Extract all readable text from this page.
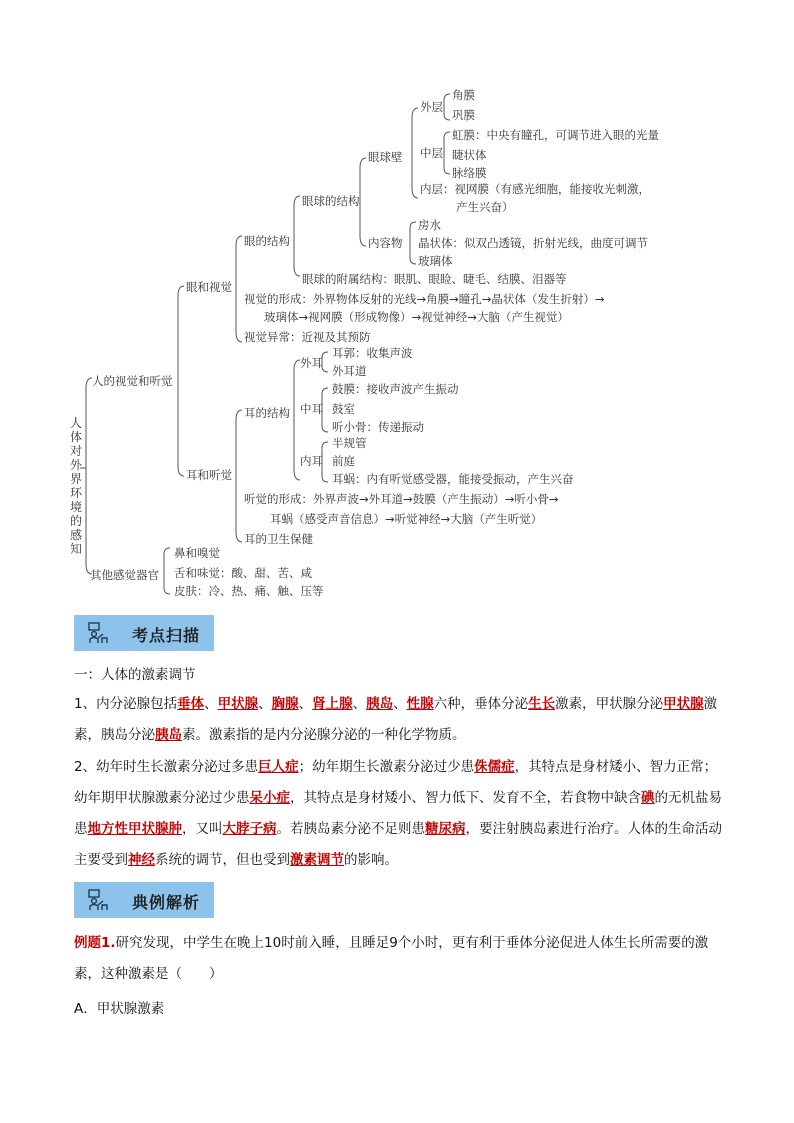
人体对外界环境的感知
人的视觉和听觉
其他感觉器官
眼和视觉
耳和听觉
眼的结构
眼球的结构
眼球壁
外层
角膜
巩膜
中层
虹膜：中央有瞳孔，可调节进入眼的光量
睫状体
脉络膜
内层：视网膜（有感光细胞，能接收光刺激，
产生兴奋）
内容物
房水
晶状体：似双凸透镜，折射光线，曲度可调节
玻璃体
眼球的附属结构：眼肌、眼睑、睫毛、结膜、泪器等
视觉的形成：外界物体反射的光线→角膜→瞳孔→晶状体（发生折射）→
玻璃体→视网膜（形成物像）→视觉神经→大脑（产生视觉）
视觉异常：近视及其预防
耳的结构
外耳
耳郭：收集声波
外耳道
中耳
鼓膜：接收声波产生振动
鼓室
听小骨：传递振动
内耳
半规管
前庭
耳蜗：内有听觉感受器，能接受振动，产生兴奋
听觉的形成：外界声波→外耳道→鼓膜（产生振动）→听小骨→
耳蜗（感受声音信息）→听觉神经→大脑（产生听觉）
耳的卫生保健
鼻和嗅觉
舌和味觉：酸、甜、苦、咸
皮肤：冷、热、痛、触、压等
考点扫描
一：人体的激素调节
1、内分泌腺包括垂体、甲状腺、胸腺、肾上腺、胰岛、性腺六种，垂体分泌生长激素，甲状腺分泌甲状腺激素，胰岛分泌胰岛素。激素指的是内分泌腺分泌的一种化学物质。
2、幼年时生长激素分泌过多患巨人症；幼年期生长激素分泌过少患侏儒症，其特点是身材矮小、智力正常；幼年期甲状腺激素分泌过少患呆小症，其特点是身材矮小、智力低下、发育不全，若食物中缺含碘的无机盐易患地方性甲状腺肿，又叫大脖子病。若胰岛素分泌不足则患糖尿病，要注射胰岛素进行治疗。人体的生命活动主要受到神经系统的调节，但也受到激素调节的影响。
典例解析
例题1.研究发现，中学生在晚上10时前入睡，且睡足9个小时，更有利于垂体分泌促进人体生长所需要的激素，这种激素是（　　）
A．甲状腺激素
